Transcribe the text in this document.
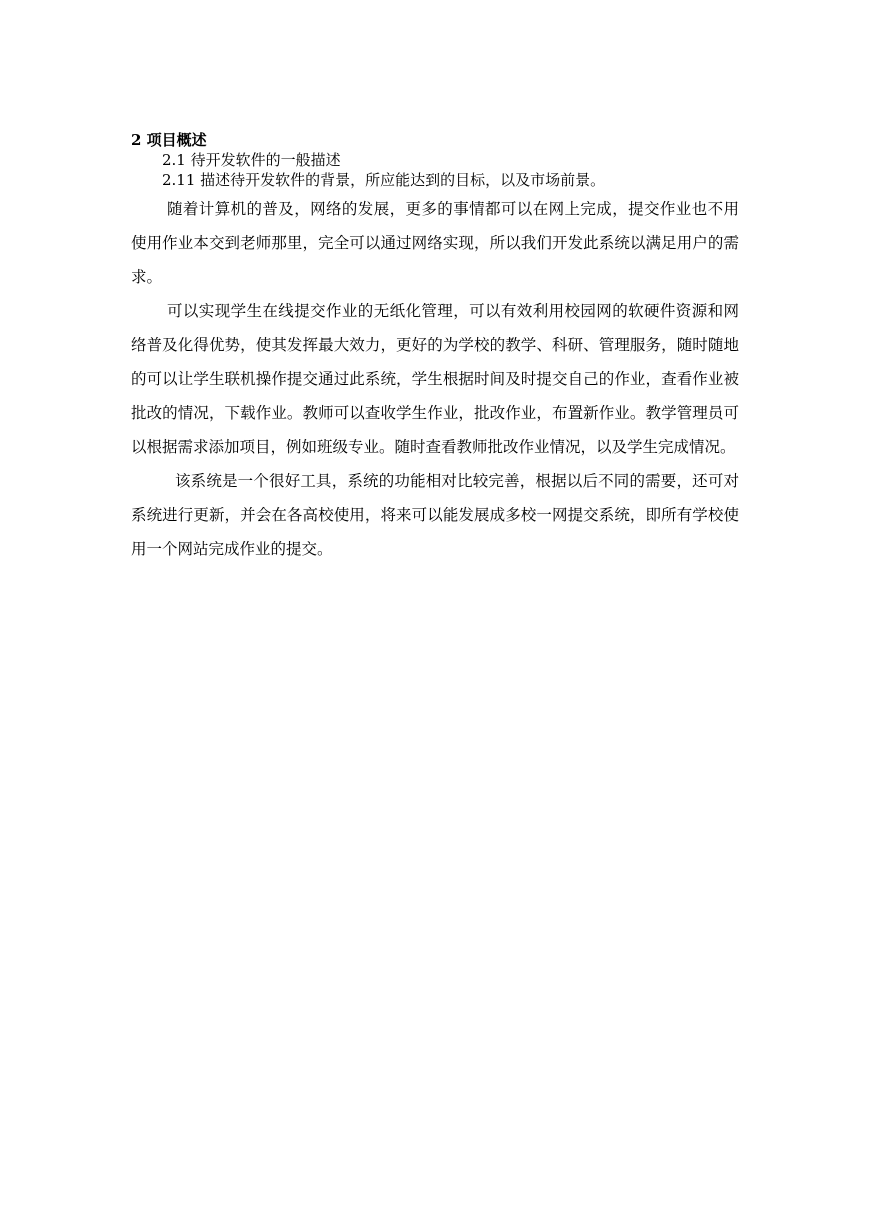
2 项目概述

2.1 待开发软件的一般描述

2.11 描述待开发软件的背景，所应能达到的目标，以及市场前景。

随着计算机的普及，网络的发展，更多的事情都可以在网上完成，提交作业也不用使用作业本交到老师那里，完全可以通过网络实现，所以我们开发此系统以满足用户的需求。

可以实现学生在线提交作业的无纸化管理，可以有效利用校园网的软硬件资源和网络普及化得优势，使其发挥最大效力，更好的为学校的教学、科研、管理服务，随时随地的可以让学生联机操作提交通过此系统，学生根据时间及时提交自己的作业，查看作业被批改的情况，下载作业。教师可以查收学生作业，批改作业，布置新作业。教学管理员可以根据需求添加项目，例如班级专业。随时查看教师批改作业情况，以及学生完成情况。

该系统是一个很好工具，系统的功能相对比较完善，根据以后不同的需要，还可对系统进行更新，并会在各高校使用，将来可以能发展成多校一网提交系统，即所有学校使用一个网站完成作业的提交。
